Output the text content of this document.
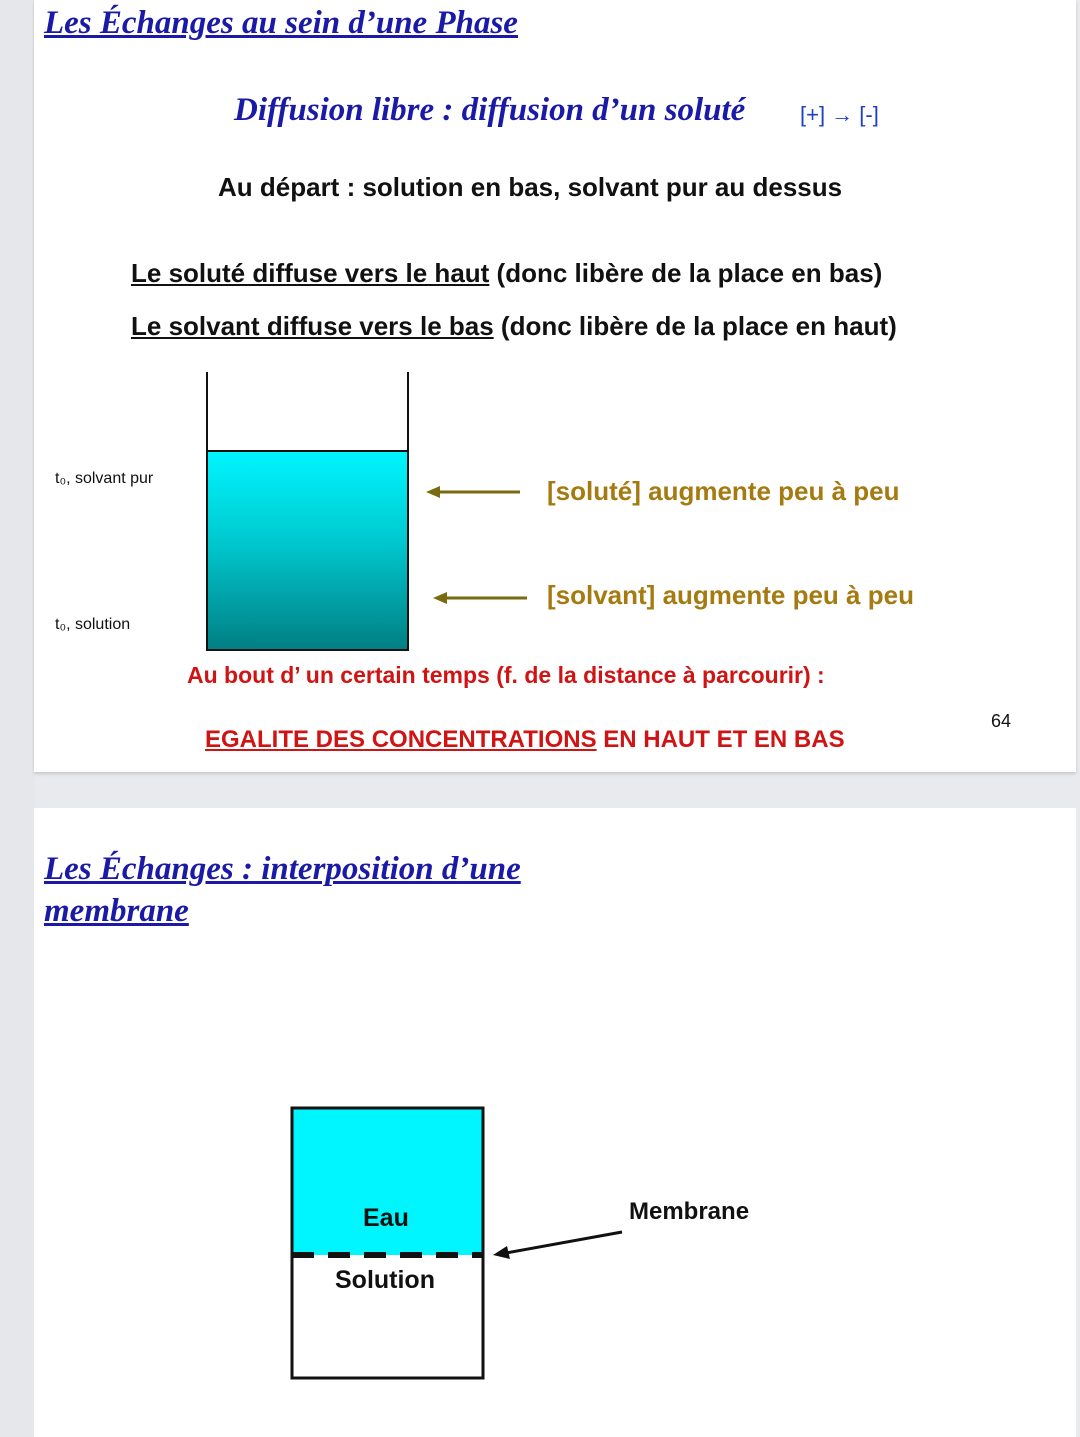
Les Échanges au sein d’une Phase
Diffusion libre : diffusion d’un soluté [+] → [-]
Au départ : solution en bas, solvant pur au dessus
Le soluté diffuse vers le haut (donc libère de la place en bas)
Le solvant diffuse vers le bas (donc libère de la place en haut)
t₀, solvant pur
t₀, solution
[soluté] augmente peu à peu
[solvant] augmente peu à peu
Au bout d’ un certain temps (f. de la distance à parcourir) :
EGALITE DES CONCENTRATIONS EN HAUT ET EN BAS
64
Les Échanges : interposition d’une
membrane
Eau
Solution
Membrane
